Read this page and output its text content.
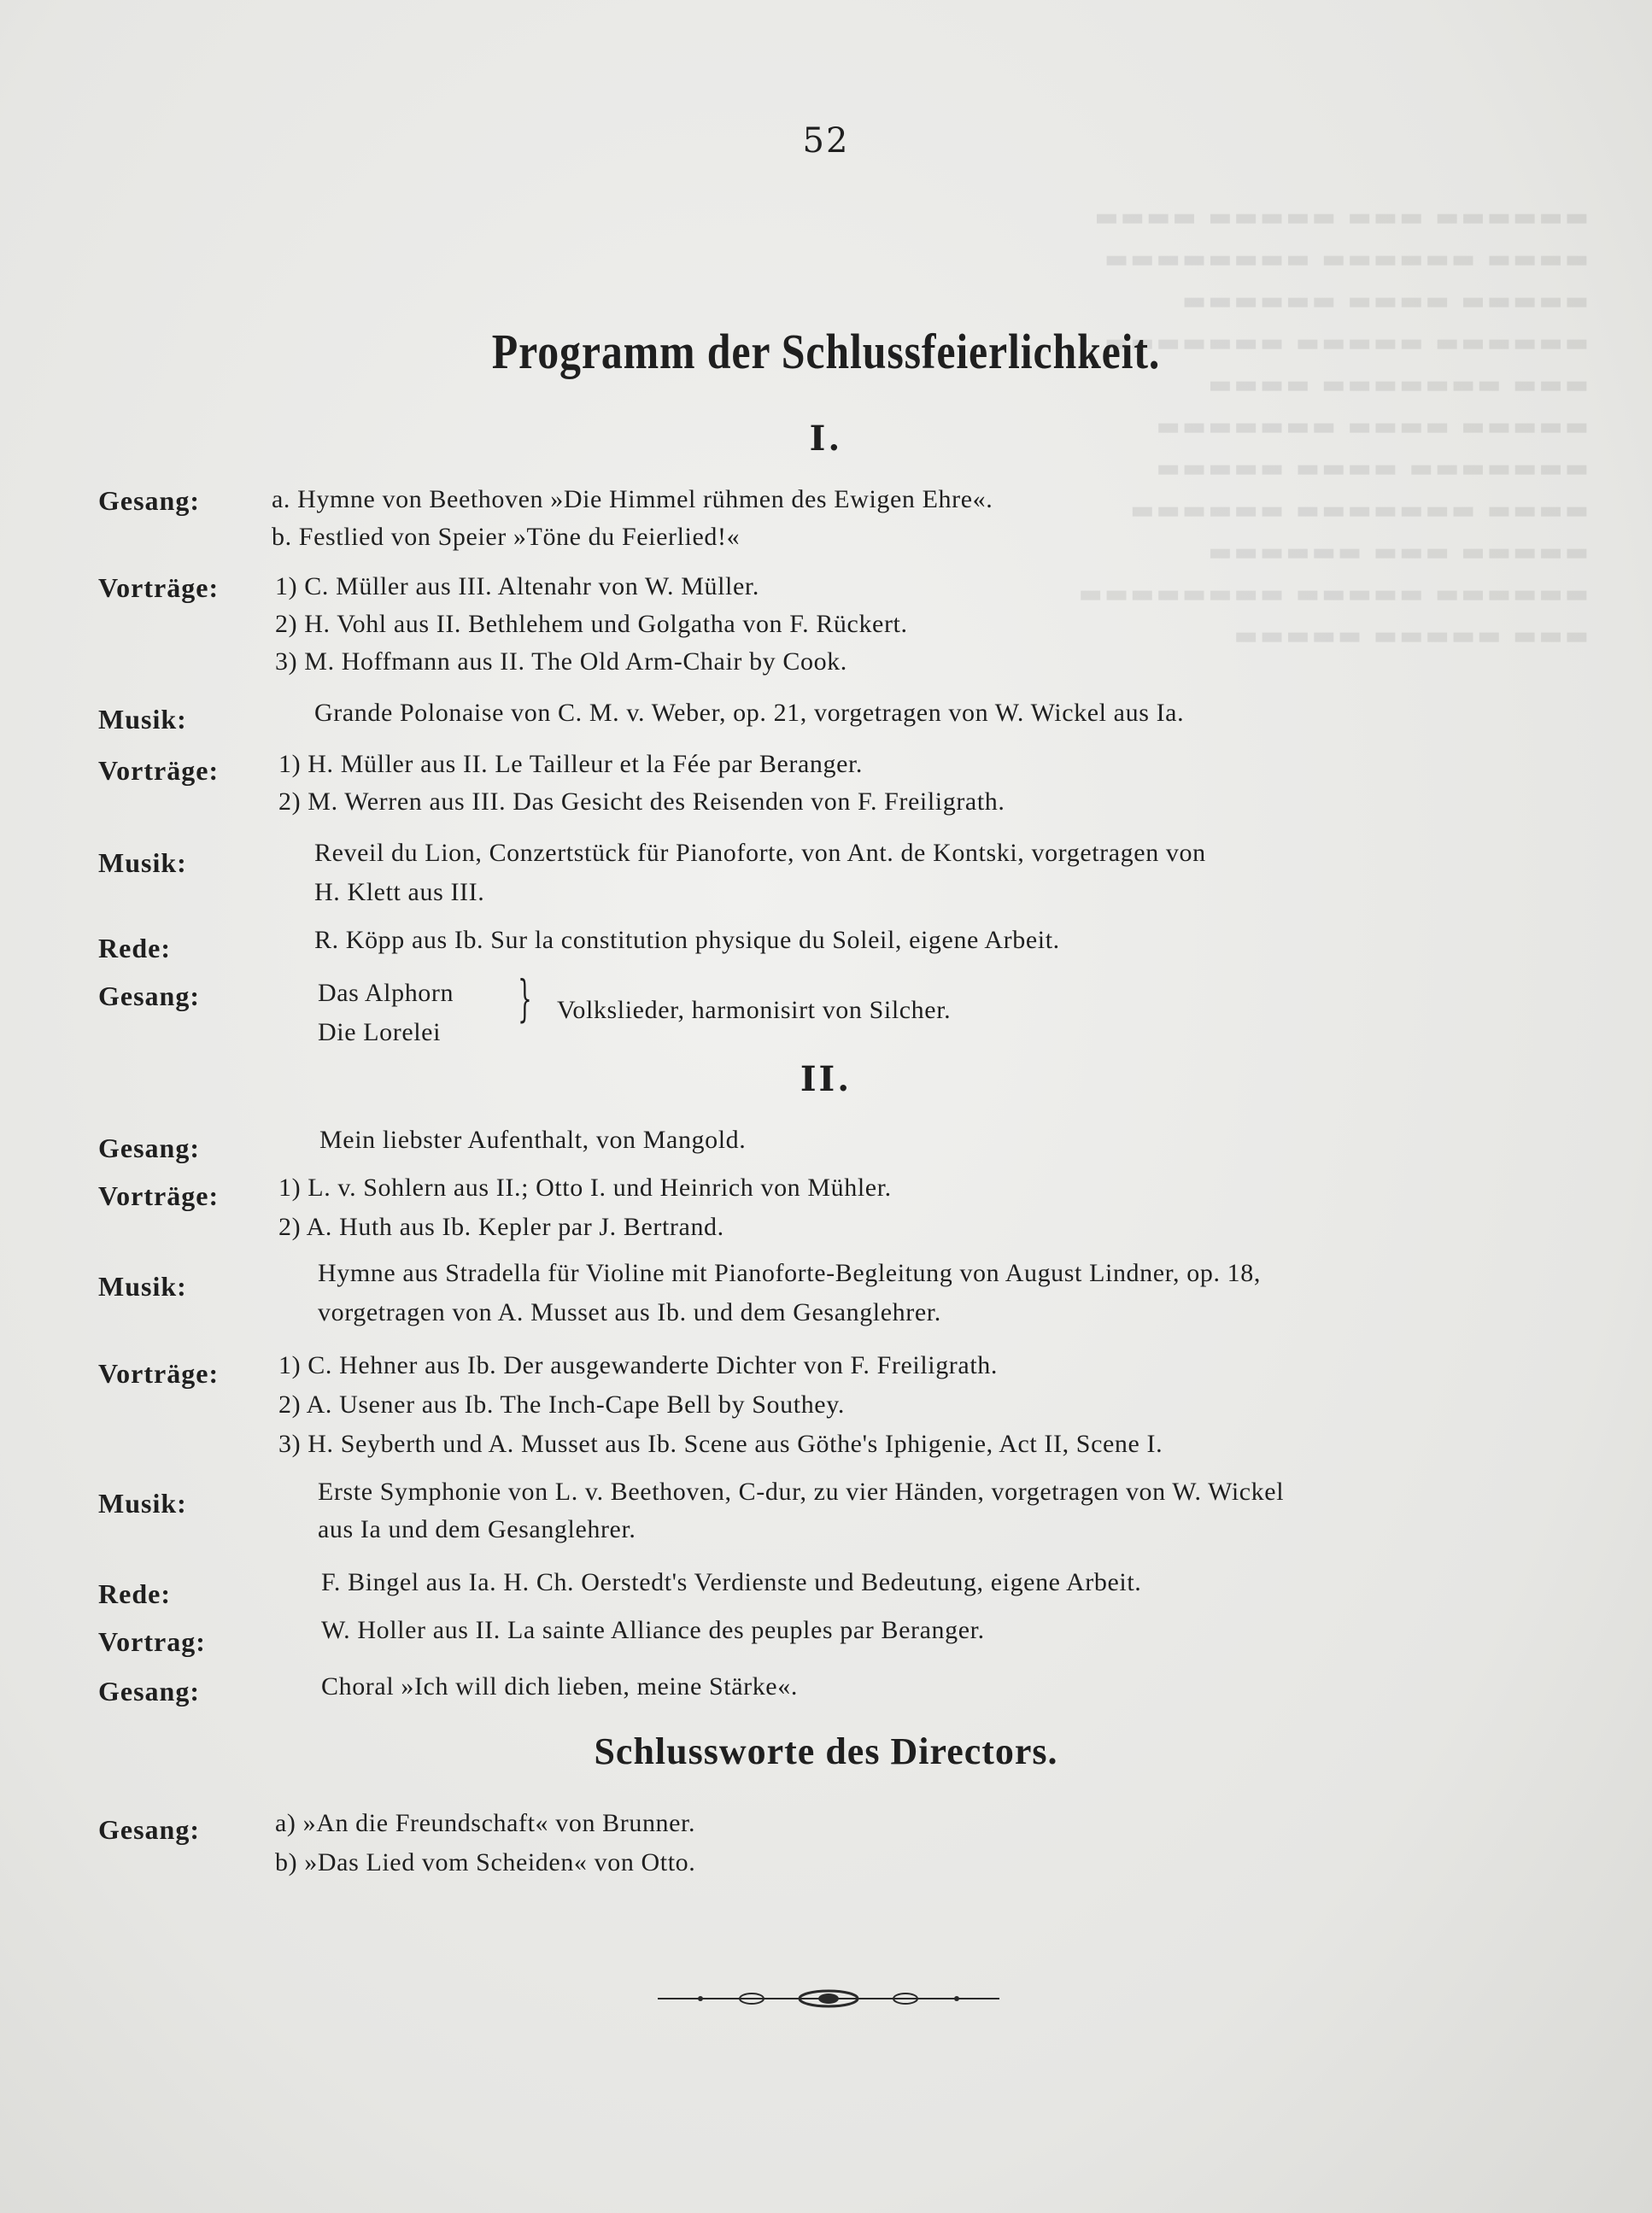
▬▬▬▬▬▬ ▬▬▬ ▬▬▬▬▬ ▬▬▬▬
▬▬▬▬ ▬▬▬▬▬▬ ▬▬▬▬▬▬▬▬
▬▬▬▬▬ ▬▬▬▬ ▬▬▬▬▬▬
▬▬▬▬▬▬ ▬▬▬▬▬ ▬▬▬▬▬▬▬
▬▬▬ ▬▬▬▬▬▬▬ ▬▬▬▬
▬▬▬▬▬ ▬▬▬▬ ▬▬▬▬▬▬▬
▬▬▬▬▬▬▬ ▬▬▬▬ ▬▬▬▬▬
▬▬▬▬ ▬▬▬▬▬▬▬ ▬▬▬▬▬▬
▬▬▬▬▬ ▬▬▬ ▬▬▬▬▬▬
▬▬▬▬▬▬ ▬▬▬▬▬ ▬▬▬▬▬▬▬▬
▬▬▬ ▬▬▬▬▬ ▬▬▬▬▬
52
Programm der Schlussfeierlichkeit.
I.
Gesang:	a. Hymne von Beethoven »Die Himmel rühmen des Ewigen Ehre«.
b. Festlied von Speier »Töne du Feierlied!«
Vorträge: 1) C. Müller aus III. Altenahr von W. Müller.
2) H. Vohl aus II. Bethlehem und Golgatha von F. Rückert.
3) M. Hoffmann aus II. The Old Arm-Chair by Cook.
Musik:	Grande Polonaise von C. M. v. Weber, op. 21, vorgetragen von W. Wickel aus Ia.
Vorträge: 1) H. Müller aus II. Le Tailleur et la Fée par Beranger.
2) M. Werren aus III. Das Gesicht des Reisenden von F. Freiligrath.
Musik:	Reveil du Lion, Conzertstück für Pianoforte, von Ant. de Kontski, vorgetragen von
H. Klett aus III.
Rede:	R. Köpp aus Ib. Sur la constitution physique du Soleil, eigene Arbeit.
Gesang:	Das Alphorn
Die Lorelei
} Volkslieder, harmonisirt von Silcher.
II.
Gesang:	Mein liebster Aufenthalt, von Mangold.
Vorträge: 1) L. v. Sohlern aus II.; Otto I. und Heinrich von Mühler.
2) A. Huth aus Ib. Kepler par J. Bertrand.
Musik:	Hymne aus Stradella für Violine mit Pianoforte-Begleitung von August Lindner, op. 18,
vorgetragen von A. Musset aus Ib. und dem Gesanglehrer.
Vorträge: 1) C. Hehner aus Ib. Der ausgewanderte Dichter von F. Freiligrath.
2) A. Usener aus Ib. The Inch-Cape Bell by Southey.
3) H. Seyberth und A. Musset aus Ib. Scene aus Göthe's Iphigenie, Act II, Scene I.
Musik:	Erste Symphonie von L. v. Beethoven, C-dur, zu vier Händen, vorgetragen von W. Wickel
aus Ia und dem Gesanglehrer.
Rede:	F. Bingel aus Ia. H. Ch. Oerstedt's Verdienste und Bedeutung, eigene Arbeit.
Vortrag:	W. Holler aus II. La sainte Alliance des peuples par Beranger.
Gesang:	Choral »Ich will dich lieben, meine Stärke«.
Schlussworte des Directors.
Gesang:	a) »An die Freundschaft« von Brunner.
b) »Das Lied vom Scheiden« von Otto.
